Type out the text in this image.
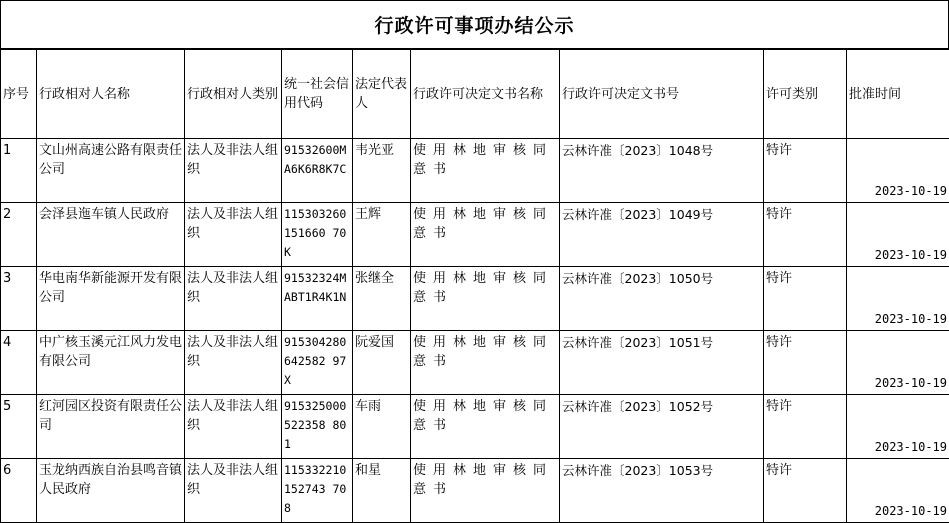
行政许可事项办结公示
序号	行政相对人名称	行政相对人类别	统一社会信用代码	法定代表人	行政许可决定文书名称	行政许可决定文书号	许可类别	批准时间
1	文山州高速公路有限责任公司	法人及非法人组织	91532600MA6K6R8K7C	韦光亚	使用林地审核同意书	云林许准〔2023〕1048号	特许	2023-10-19
2	会泽县迤车镇人民政府	法人及非法人组织	115303260151660 70K	王辉	使用林地审核同意书	云林许准〔2023〕1049号	特许	2023-10-19
3	华电南华新能源开发有限公司	法人及非法人组织	91532324MABT1R4K1N	张继全	使用林地审核同意书	云林许准〔2023〕1050号	特许	2023-10-19
4	中广核玉溪元江风力发电有限公司	法人及非法人组织	915304280642582 97X	阮爱国	使用林地审核同意书	云林许准〔2023〕1051号	特许	2023-10-19
5	红河园区投资有限责任公司	法人及非法人组织	915325000522358 801	车雨	使用林地审核同意书	云林许准〔2023〕1052号	特许	2023-10-19
6	玉龙纳西族自治县鸣音镇人民政府	法人及非法人组织	115332210152743 708	和星	使用林地审核同意书	云林许准〔2023〕1053号	特许	2023-10-19
